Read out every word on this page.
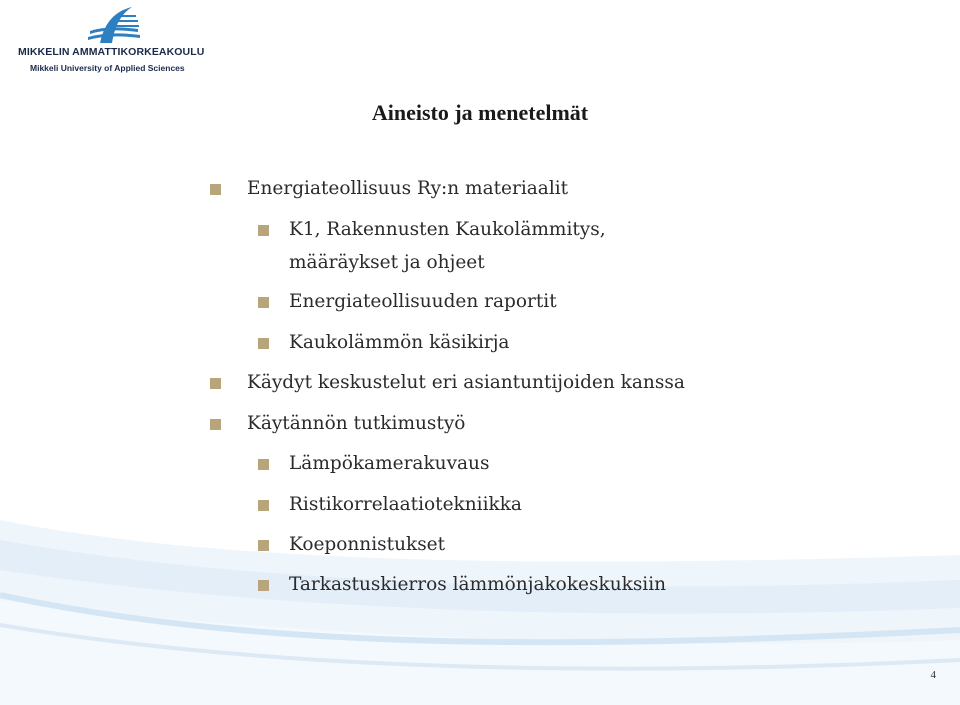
MIKKELIN AMMATTIKORKEAKOULU
Mikkeli University of Applied Sciences
Aineisto ja menetelmät
Energiateollisuus Ry:n materiaalit
K1, Rakennusten Kaukolämmitys,
määräykset ja ohjeet
Energiateollisuuden raportit
Kaukolämmön käsikirja
Käydyt keskustelut eri asiantuntijoiden kanssa
Käytännön tutkimustyö
Lämpökamerakuvaus
Ristikorrelaatiotekniikka
Koeponnistukset
Tarkastuskierros lämmönjakokeskuksiin
4
